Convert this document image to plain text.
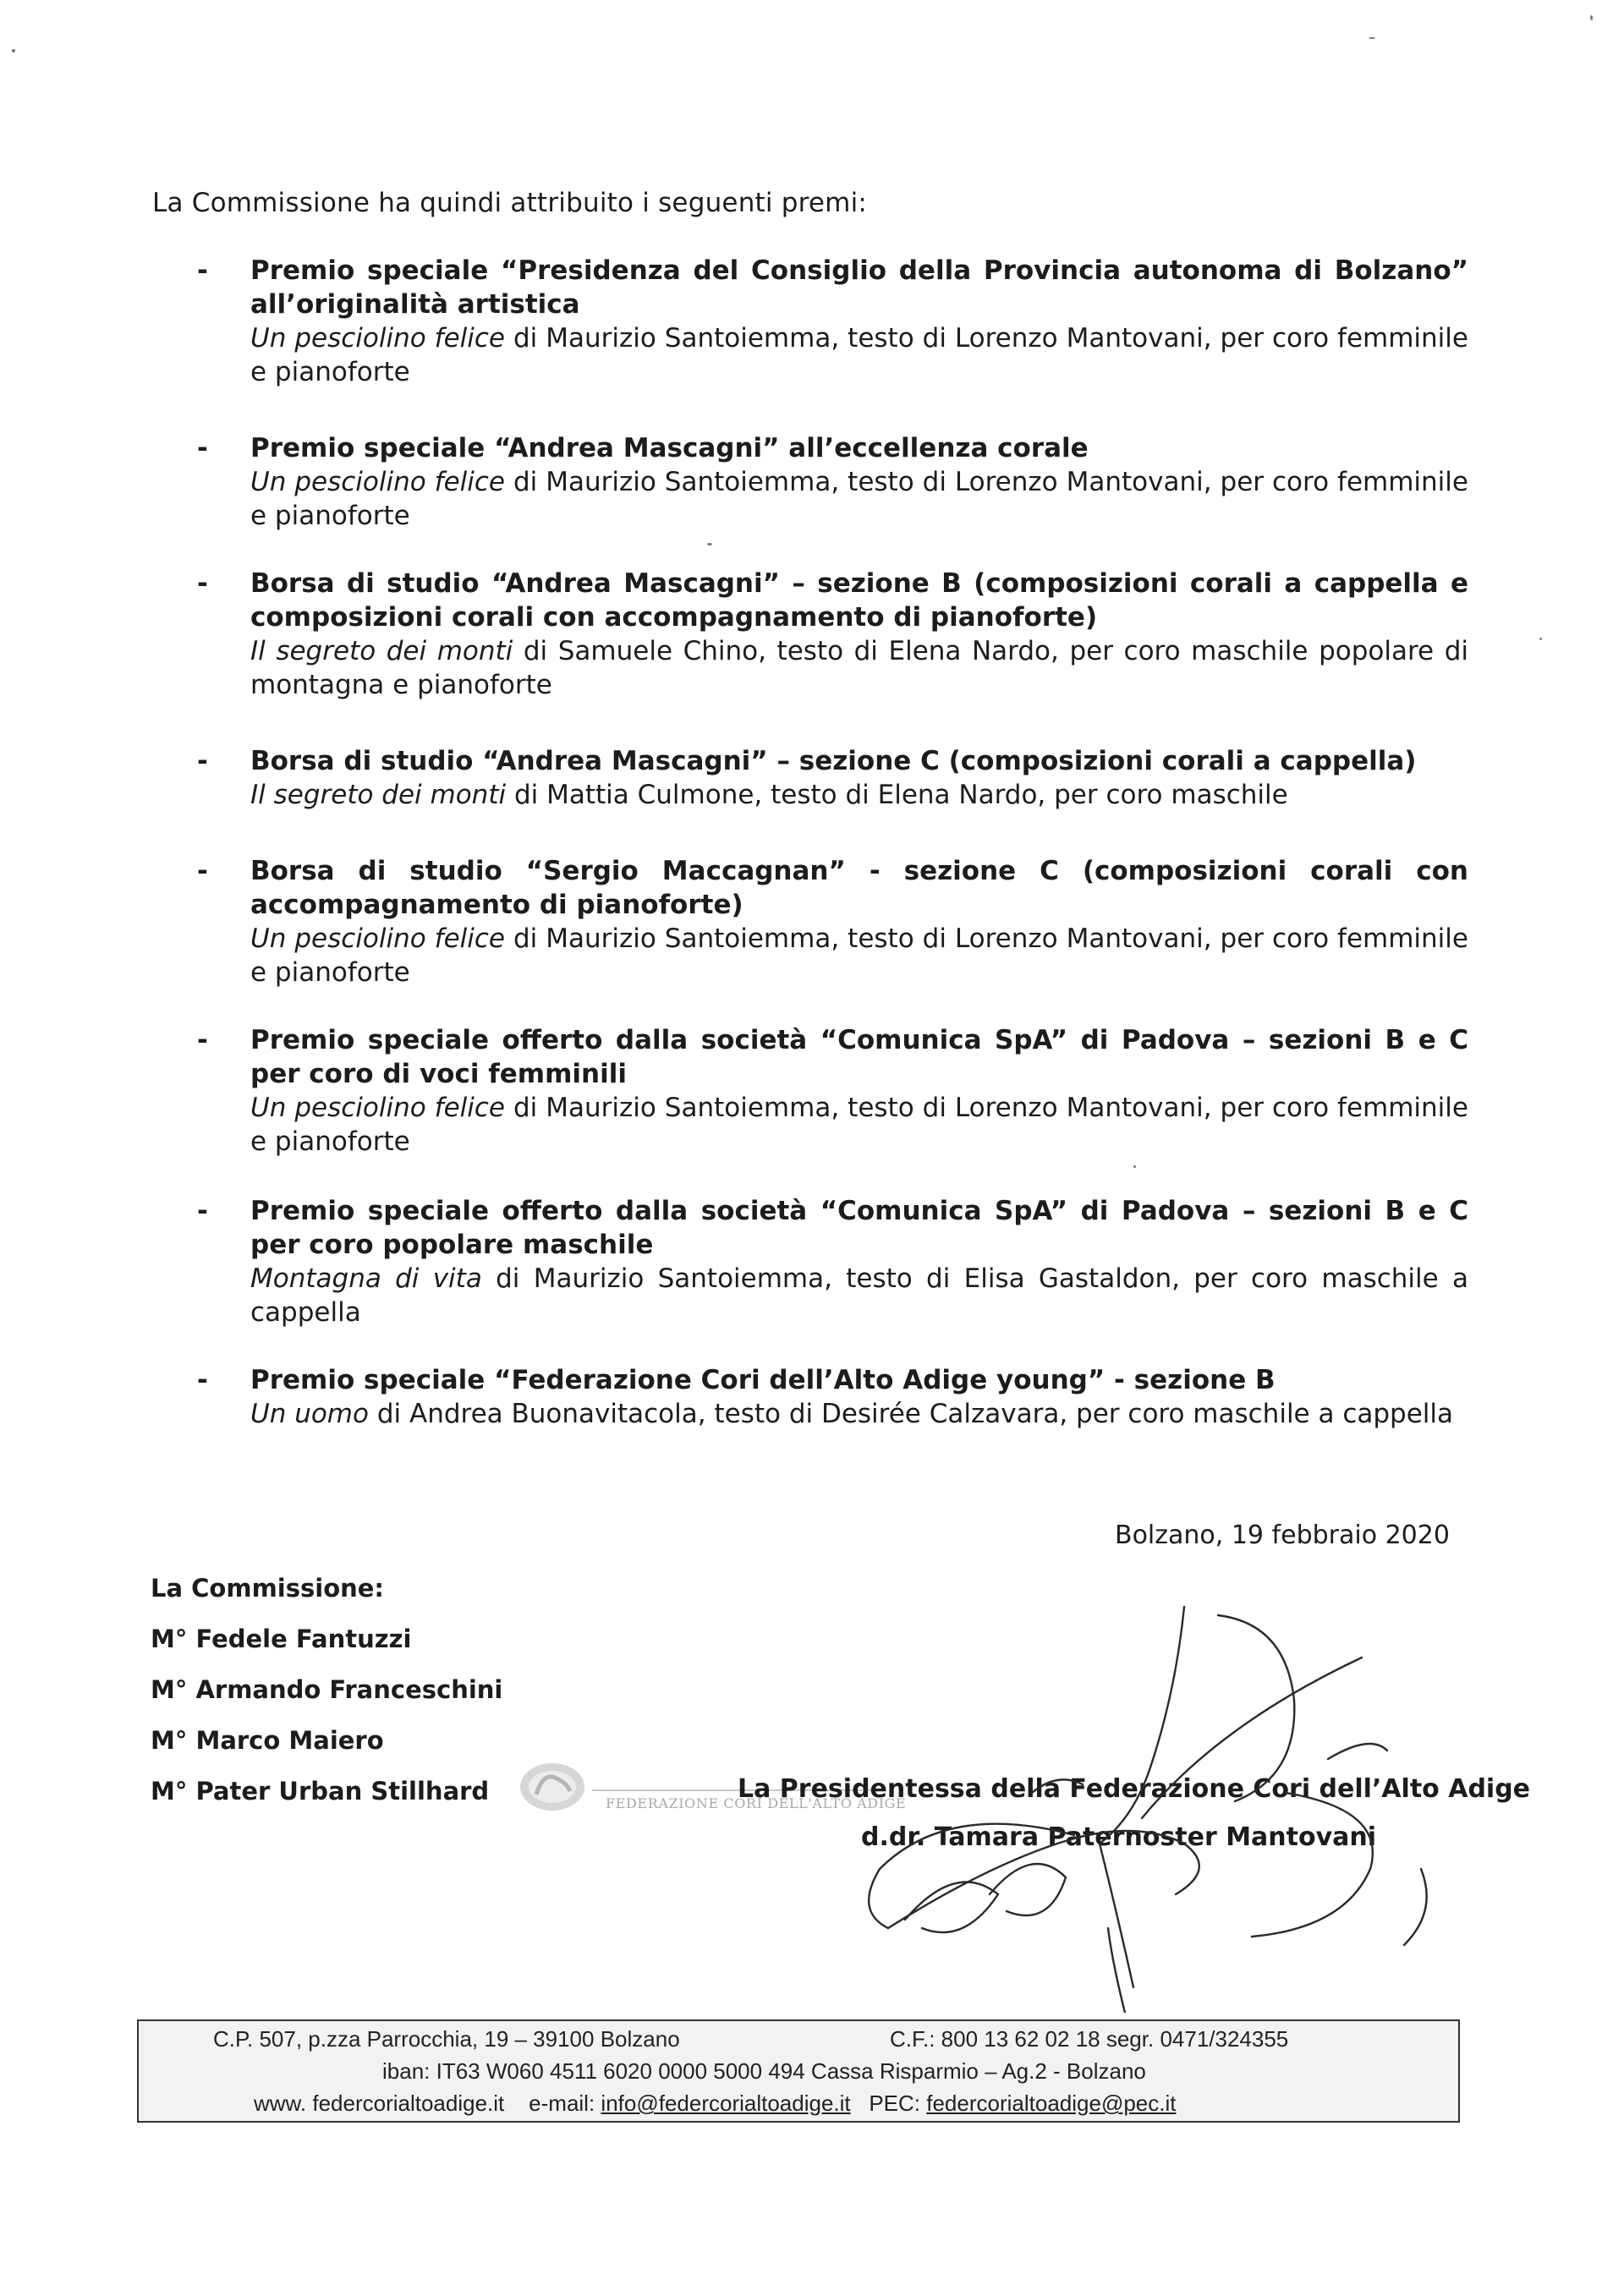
La Commissione ha quindi attribuito i seguenti premi:
- Premio speciale “Presidenza del Consiglio della Provincia autonoma di Bolzano” all’originalità artistica
Un pesciolino felice di Maurizio Santoiemma, testo di Lorenzo Mantovani, per coro femminile e pianoforte
- Premio speciale “Andrea Mascagni” all’eccellenza corale
Un pesciolino felice di Maurizio Santoiemma, testo di Lorenzo Mantovani, per coro femminile e pianoforte
- Borsa di studio “Andrea Mascagni” – sezione B (composizioni corali a cappella e composizioni corali con accompagnamento di pianoforte)
Il segreto dei monti di Samuele Chino, testo di Elena Nardo, per coro maschile popolare di montagna e pianoforte
- Borsa di studio “Andrea Mascagni” – sezione C (composizioni corali a cappella)
Il segreto dei monti di Mattia Culmone, testo di Elena Nardo, per coro maschile
- Borsa di studio “Sergio Maccagnan” - sezione C (composizioni corali con accompagnamento di pianoforte)
Un pesciolino felice di Maurizio Santoiemma, testo di Lorenzo Mantovani, per coro femminile e pianoforte
- Premio speciale offerto dalla società “Comunica SpA” di Padova – sezioni B e C per coro di voci femminili
Un pesciolino felice di Maurizio Santoiemma, testo di Lorenzo Mantovani, per coro femminile e pianoforte
- Premio speciale offerto dalla società “Comunica SpA” di Padova – sezioni B e C per coro popolare maschile
Montagna di vita di Maurizio Santoiemma, testo di Elisa Gastaldon, per coro maschile a cappella
- Premio speciale “Federazione Cori dell’Alto Adige young” - sezione B
Un uomo di Andrea Buonavitacola, testo di Desirée Calzavara, per coro maschile a cappella
Bolzano, 19 febbraio 2020
La Commissione:
M° Fedele Fantuzzi
M° Armando Franceschini
M° Marco Maiero
M° Pater Urban Stillhard	FEDERAZIONE CORI DELL'ALTO ADIGE
La Presidentessa della Federazione Cori dell’Alto Adige
d.dr. Tamara Paternoster Mantovani
C.P. 507, p.zza Parrocchia, 19 – 39100 Bolzano	C.F.: 800 13 62 02 18 segr. 0471/324355
iban: IT63 W060 4511 6020 0000 5000 494 Cassa Risparmio – Ag.2 - Bolzano
www. federcorialtoadige.it e-mail: info@federcorialtoadige.it PEC: federcorialtoadige@pec.it
